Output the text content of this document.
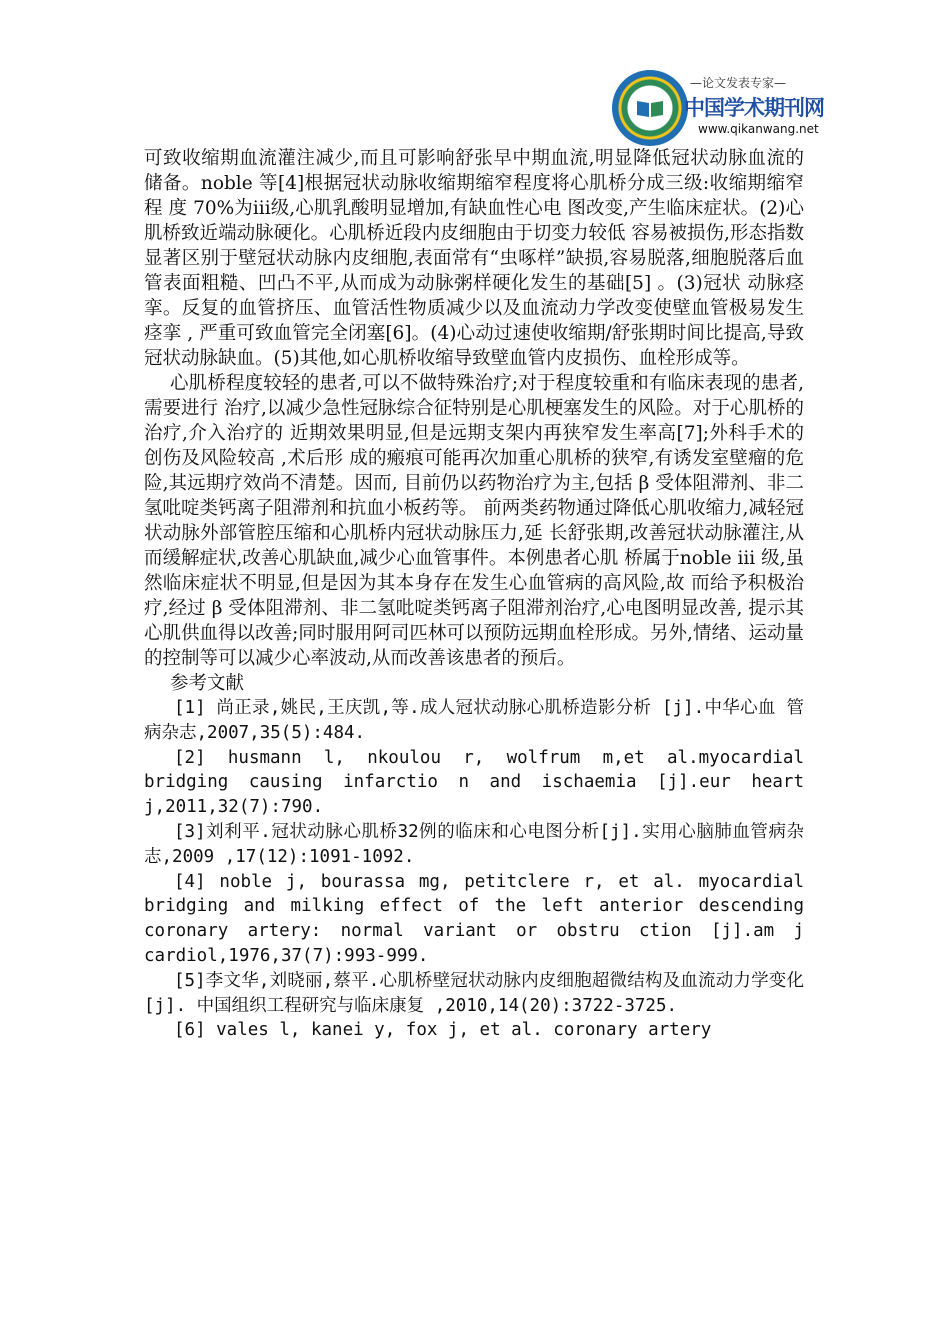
—论文发表专家—
中国学术期刊网
www.qikanwang.net

可致收缩期血流灌注减少,而且可影响舒张早中期血流,明显降低冠状动脉血流的 储备。noble 等[4]根据冠状动脉收缩期缩窄程度将心肌桥分成三级:收缩期缩窄程 度 70%为iii级,心肌乳酸明显增加,有缺血性心电 图改变,产生临床症状。(2)心肌桥致近端动脉硬化。心肌桥近段内皮细胞由于切变力较低 容易被损伤,形态指数显著区别于壁冠状动脉内皮细胞,表面常有“虫啄样”缺损,容易脱落,细胞脱落后血管表面粗糙、凹凸不平,从而成为动脉粥样硬化发生的基础[5] 。(3)冠状 动脉痉挛。反复的血管挤压、血管活性物质减少以及血流动力学改变使壁血管极易发生痉挛 , 严重可致血管完全闭塞[6]。(4)心动过速使收缩期/舒张期时间比提高,导致冠状动脉缺血。(5)其他,如心肌桥收缩导致壁血管内皮损伤、血栓形成等。

心肌桥程度较轻的患者,可以不做特殊治疗;对于程度较重和有临床表现的患者,需要进行 治疗,以减少急性冠脉综合征特别是心肌梗塞发生的风险。对于心肌桥的治疗,介入治疗的 近期效果明显,但是远期支架内再狭窄发生率高[7];外科手术的创伤及风险较高 ,术后形 成的瘢痕可能再次加重心肌桥的狭窄,有诱发室壁瘤的危险,其远期疗效尚不清楚。因而, 目前仍以药物治疗为主,包括 β 受体阻滞剂、非二氢吡啶类钙离子阻滞剂和抗血小板药等。 前两类药物通过降低心肌收缩力,减轻冠状动脉外部管腔压缩和心肌桥内冠状动脉压力,延 长舒张期,改善冠状动脉灌注,从而缓解症状,改善心肌缺血,减少心血管事件。本例患者心肌 桥属于noble iii 级,虽然临床症状不明显,但是因为其本身存在发生心血管病的高风险,故 而给予积极治疗,经过 β 受体阻滞剂、非二氢吡啶类钙离子阻滞剂治疗,心电图明显改善, 提示其心肌供血得以改善;同时服用阿司匹林可以预防远期血栓形成。另外,情绪、运动量 的控制等可以减少心率波动,从而改善该患者的预后。

参考文献

[1] 尚正录,姚民,王庆凯,等.成人冠状动脉心肌桥造影分析 [j].中华心血 管病杂志,2007,35(5):484.

[2] husmann l, nkoulou r, wolfrum m,et al.myocardial bridging causing infarctio n and ischaemia [j].eur heart j,2011,32(7):790.

[3]刘利平.冠状动脉心肌桥32例的临床和心电图分析[j].实用心脑肺血管病杂志,2009 ,17(12):1091-1092.

[4] noble j, bourassa mg, petitclere r, et al. myocardial bridging and milking effect of the left anterior descending coronary artery: normal variant or obstru ction [j].am j cardiol,1976,37(7):993-999.

[5]李文华,刘晓丽,蔡平.心肌桥壁冠状动脉内皮细胞超微结构及血流动力学变化 [j]. 中国组织工程研究与临床康复 ,2010,14(20):3722-3725.

[6] vales l, kanei y, fox j, et al. coronary artery
